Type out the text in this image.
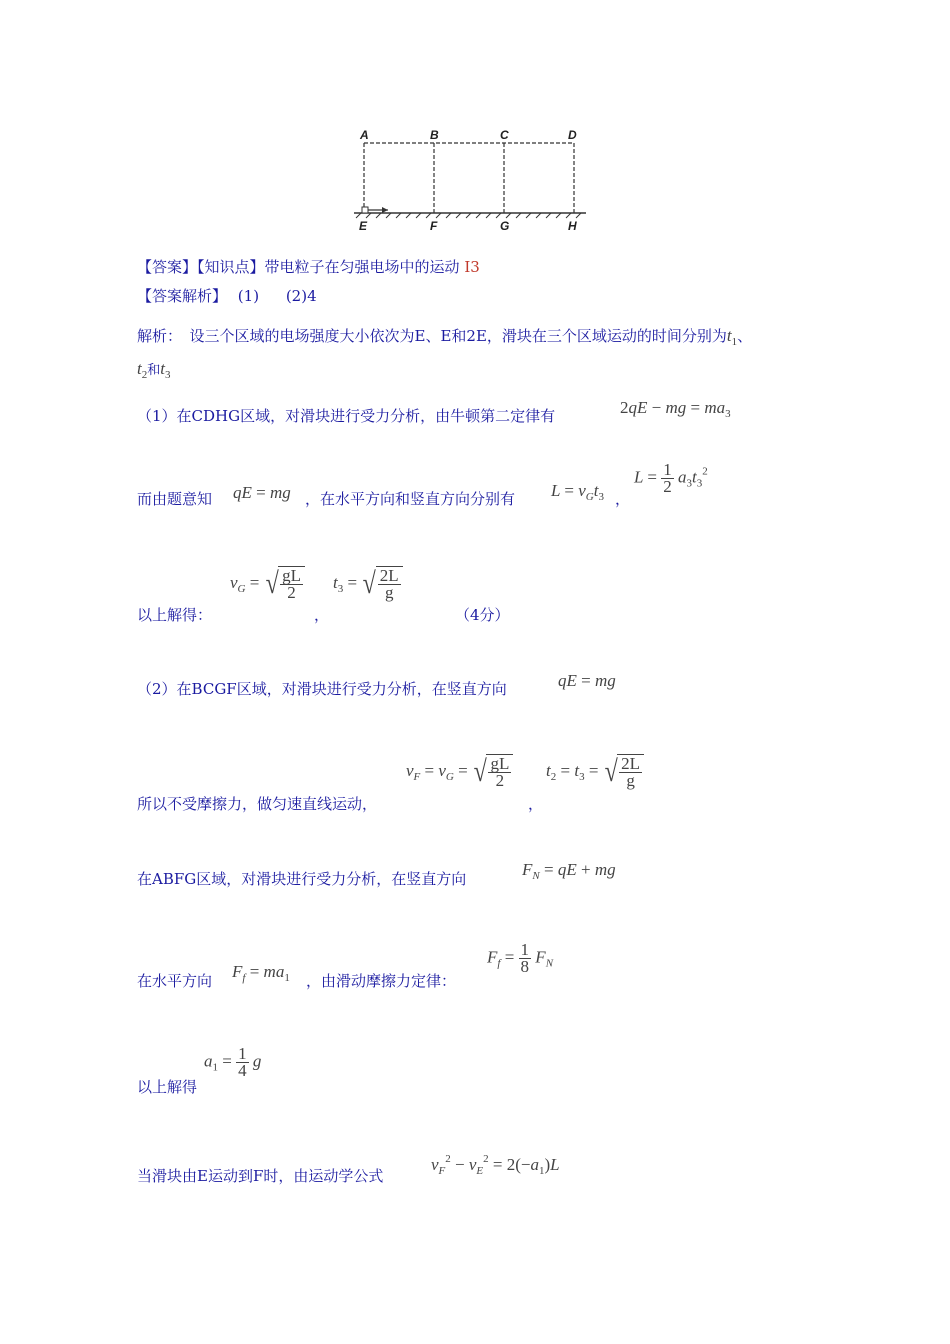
A	B	C	D
E	F	G	H
【答案】【知识点】带电粒子在匀强电场中的运动 I3
【答案解析】 (1) (2)4
解析：　设三个区域的电场强度大小依次为E、E和2E，滑块在三个区域运动的时间分别为$t_1$、
$t_2$和$t_3$
（1）在CDHG区域，对滑块进行受力分析，由牛顿第二定律有	2qE − mg = $ma_3$
而由题意知 qE = mg ，在水平方向和竖直方向分别有 $L = v_Gt_3$ ，
$L = \frac{1}{2} a_3t_3^2$
以上解得：
$v_G$ = √ $\frac{gL}{2}$
，
$t_3$ = √ $\frac{2L}{g}$
（4分）
（2）在BCGF区域，对滑块进行受力分析，在竖直方向	qE = mg
所以不受摩擦力，做匀速直线运动，
$v_F = v_G$ = √ $\frac{gL}{2}$
，
$t_2 = t_3$ = √ $\frac{2L}{g}$
在ABFG区域，对滑块进行受力分析，在竖直方向	$F_N$ = qE + mg
在水平方向 $F_f = ma_1$ ，由滑动摩擦力定律：
$F_f = \frac{1}{8} F_N$
以上解得
$a_1 = \frac{1}{4}$ g
当滑块由E运动到F时，由运动学公式
$v_F^2 - v_E^2 = 2(-a_1)L$
